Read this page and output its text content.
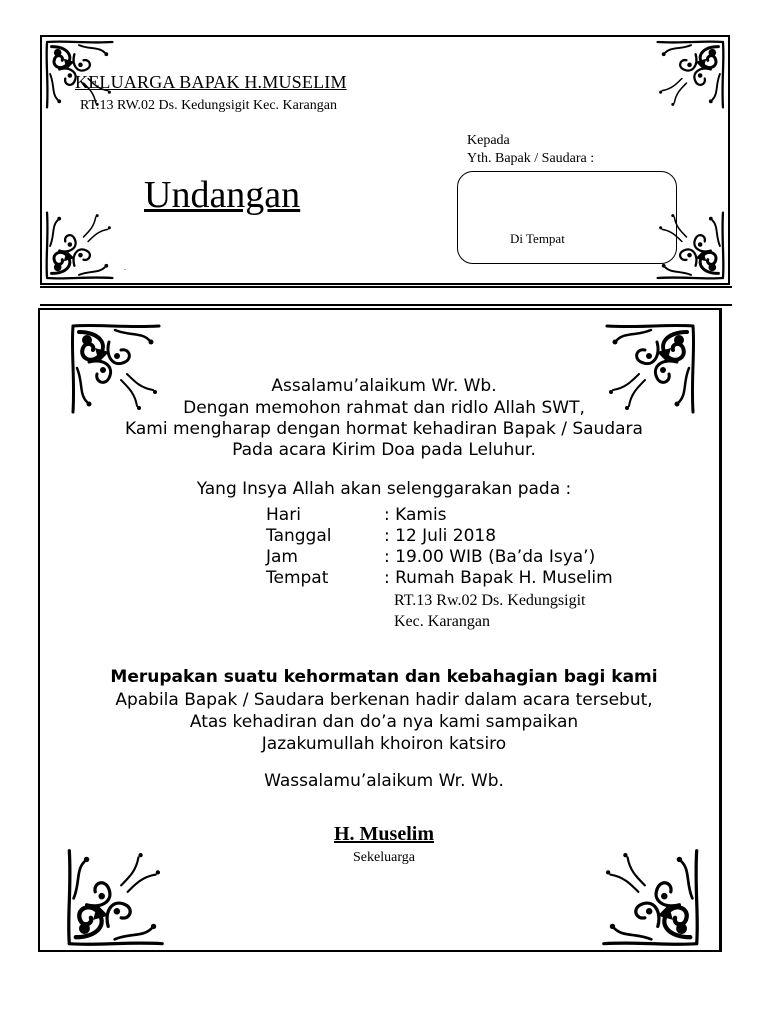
KELUARGA BAPAK H.MUSELIM
RT.13 RW.02 Ds. Kedungsigit Kec. Karangan
Undangan
Kepada
Yth. Bapak / Saudara :
Di Tempat
∙
Assalamu’alaikum Wr. Wb.
Dengan memohon rahmat dan ridlo Allah SWT,
Kami mengharap dengan hormat kehadiran Bapak / Saudara
Pada acara Kirim Doa pada Leluhur.
Yang Insya Allah akan selenggarakan pada :
Hari	: Kamis
Tanggal	: 12 Juli 2018
Jam	: 19.00 WIB (Ba’da Isya’)
Tempat	: Rumah Bapak H. Muselim
RT.13 Rw.02 Ds. Kedungsigit
Kec. Karangan
Merupakan suatu kehormatan dan kebahagian bagi kami
Apabila Bapak / Saudara berkenan hadir dalam acara tersebut,
Atas kehadiran dan do’a nya kami sampaikan
Jazakumullah khoiron katsiro
Wassalamu’alaikum Wr. Wb.
H. Muselim
Sekeluarga
